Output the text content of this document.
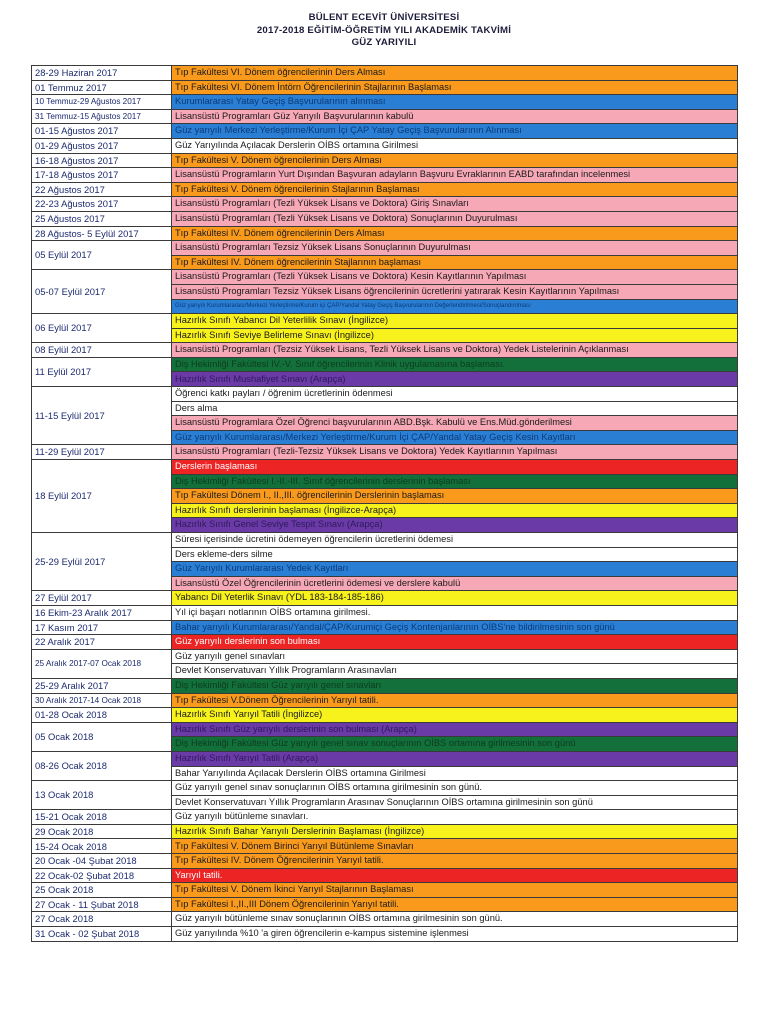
BÜLENT ECEVİT ÜNİVERSİTESİ
2017-2018 EĞİTİM-ÖĞRETİM YILI AKADEMİK TAKVİMİ
GÜZ YARIYILI
28-29 Haziran 2017	Tıp Fakültesi VI. Dönem öğrencilerinin Ders Alması
01 Temmuz 2017	Tıp Fakültesi VI. Dönem İntörn Öğrencilerinin Stajlarının Başlaması
10 Temmuz-29 Ağustos 2017	Kurumlararası Yatay Geçiş Başvurularının alınması
31 Temmuz-15 Ağustos 2017	Lisansüstü Programları Güz Yarıyılı Başvurularının kabulü
01-15 Ağustos 2017	Güz yarıyılı Merkezi Yerleştirme/Kurum İçi ÇAP Yatay Geçiş Başvurularının Alınması
01-29 Ağustos 2017	Güz Yarıyılında Açılacak Derslerin OİBS ortamına Girilmesi
16-18 Ağustos 2017	Tıp Fakültesi V. Dönem öğrencilerinin Ders Alması
17-18 Ağustos 2017	Lisansüstü Programların Yurt Dışından Başvuran adayların Başvuru Evraklarının EABD tarafından incelenmesi
22 Ağustos 2017	Tıp Fakültesi V. Dönem öğrencilerinin Stajlarının Başlaması
22-23 Ağustos 2017	Lisansüstü Programları (Tezli Yüksek Lisans ve Doktora) Giriş Sınavları
25 Ağustos 2017	Lisansüstü Programları (Tezli Yüksek Lisans ve Doktora) Sonuçlarının Duyurulması
28 Ağustos- 5 Eylül 2017	Tıp Fakültesi IV. Dönem öğrencilerinin Ders Alması
05 Eylül 2017	Lisansüstü Programları Tezsiz Yüksek Lisans Sonuçlarının Duyurulması
	Tıp Fakültesi IV. Dönem öğrencilerinin Stajlarının başlaması
05-07 Eylül 2017	Lisansüstü Programları (Tezli Yüksek Lisans ve Doktora) Kesin Kayıtlarının Yapılması
	Lisansüstü Programları Tezsiz Yüksek Lisans öğrencilerinin ücretlerini yatırarak Kesin Kayıtlarının Yapılması
	Güz yarıyılı Kurumlararası/Merkezi Yerleştirme/Kurum içi ÇAP/Yandal Yatay Geçiş Başvurularının Değerlendirilmesi/Sonuçlandırılması
06 Eylül 2017	Hazırlık Sınıfı Yabancı Dil Yeterlilik Sınavı (İngilizce)
	Hazırlık Sınıfı Seviye Belirleme Sınavı (İngilizce)
08 Eylül 2017	Lisansüstü Programları (Tezsiz Yüksek Lisans, Tezli Yüksek Lisans ve Doktora) Yedek Listelerinin Açıklanması
11 Eylül 2017	Diş Hekimliği Fakültesi IV.-V. Sınıf öğrencilerinin Klinik uygulamasına başlaması.
	Hazırlık Sınıfı Mushafiyet Sınavı (Arapça)
11-15 Eylül 2017	Öğrenci katkı payları / öğrenim ücretlerinin ödenmesi
	Ders alma
	Lisansüstü Programlara Özel Öğrenci başvurularının ABD.Bşk. Kabulü ve Ens.Müd.gönderilmesi
	Güz yarıyılı Kurumlararası/Merkezi Yerleştirme/Kurum İçi ÇAP/Yandal Yatay Geçiş Kesin Kayıtları
11-29 Eylül 2017	Lisansüstü Programları (Tezli-Tezsiz Yüksek Lisans ve Doktora) Yedek Kayıtlarının Yapılması
18 Eylül 2017	Derslerin başlaması
	Diş Hekimliği Fakültesi I.-II.-III. Sınıf öğrencilerinin derslerinin başlaması
	Tıp Fakültesi Dönem I., II.,III. öğrencilerinin Derslerinin başlaması
	Hazırlık Sınıfı derslerinin başlaması (İngilizce-Arapça)
	Hazırlık Sınıfı Genel Seviye Tespit Sınavı (Arapça)
25-29 Eylül 2017	Süresi içerisinde ücretini ödemeyen öğrencilerin ücretlerini ödemesi
	Ders ekleme-ders silme
	Güz Yarıyılı Kurumlararası Yedek Kayıtları
	Lisansüstü Özel Öğrencilerinin ücretlerini ödemesi ve derslere kabulü
27 Eylül 2017	Yabancı Dil Yeterlik Sınavı (YDL 183-184-185-186)
16 Ekim-23 Aralık 2017	Yıl içi başarı notlarının OİBS ortamına girilmesi.
17 Kasım 2017	Bahar yarıyılı Kurumlararası/Yandal/ÇAP/Kurumiçi Geçiş Kontenjanlarının OİBS'ne bildirilmesinin son günü
22 Aralık 2017	Güz yarıyılı derslerinin son bulması
25 Aralık 2017-07 Ocak 2018	Güz yarıyılı genel sınavları
	Devlet Konservatuvarı Yıllık Programların Arasınavları
25-29 Aralık 2017	Diş Hekimliği Fakültesi Güz yarıyılı genel sınavları
30 Aralık 2017-14 Ocak 2018	Tıp Fakültesi V.Dönem Öğrencilerinin Yarıyıl tatili.
01-28 Ocak 2018	Hazırlık Sınıfı Yarıyıl Tatili (İngilizce)
05 Ocak 2018	Hazırlık Sınıfı Güz yarıyılı derslerinin son bulması (Arapça)
	Diş Hekimliği Fakültesi Güz yarıyılı genel sınav sonuçlarının OİBS ortamına girilmesinin son günü
08-26 Ocak 2018	Hazırlık Sınıfı Yarıyıl Tatili (Arapça)
	Bahar Yarıyılında Açılacak Derslerin OİBS ortamına Girilmesi
13 Ocak 2018	Güz yarıyılı genel sınav sonuçlarının OİBS ortamına girilmesinin son günü.
	Devlet Konservatuvarı Yıllık Programların Arasınav Sonuçlarının OİBS ortamına girilmesinin son günü
15-21 Ocak 2018	Güz yarıyılı bütünleme sınavları.
29 Ocak 2018	Hazırlık Sınıfı Bahar Yarıyılı Derslerinin Başlaması (İngilizce)
15-24 Ocak 2018	Tıp Fakültesi V. Dönem Birinci Yarıyıl Bütünleme Sınavları
20 Ocak -04 Şubat 2018	Tıp Fakültesi IV. Dönem Öğrencilerinin Yarıyıl tatili.
22 Ocak-02 Şubat 2018	Yarıyıl tatili.
25 Ocak 2018	Tıp Fakültesi V. Dönem İkinci Yarıyıl Stajlarının Başlaması
27 Ocak - 11 Şubat 2018	Tıp Fakültesi I.,II.,III Dönem Öğrencilerinin Yarıyıl tatili.
27 Ocak 2018	Güz yarıyılı bütünleme sınav sonuçlarının OİBS ortamına girilmesinin son günü.
31 Ocak - 02 Şubat 2018	Güz yarıyılında %10 'a giren öğrencilerin e-kampus sistemine işlenmesi
